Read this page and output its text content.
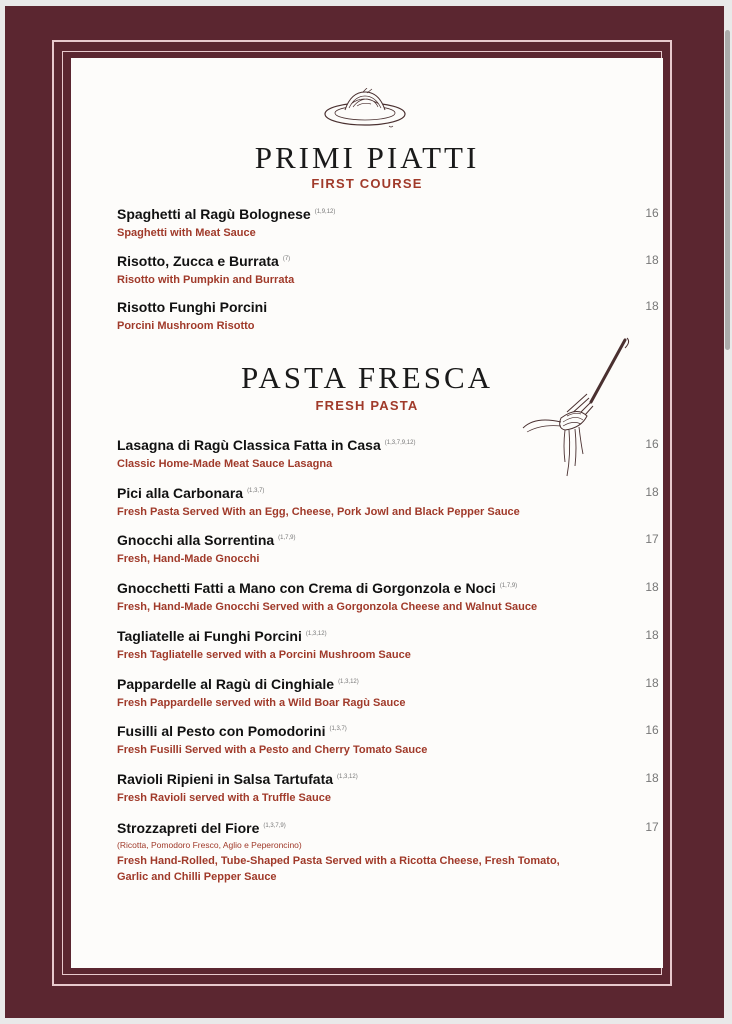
PRIMI PIATTI
FIRST COURSE
Spaghetti al Ragù Bolognese $^{(1,9,12)}$
Spaghetti with Meat Sauce
16
Risotto, Zucca e Burrata $^{(7)}$
Risotto with Pumpkin and Burrata
18
Risotto Funghi Porcini
Porcini Mushroom Risotto
18
PASTA FRESCA
FRESH PASTA
Lasagna di Ragù Classica Fatta in Casa $^{(1,3,7,9,12)}$
Classic Home-Made Meat Sauce Lasagna
16
Pici alla Carbonara $^{(1,3,7)}$
Fresh Pasta Served With an Egg, Cheese, Pork Jowl and Black Pepper Sauce
18
Gnocchi alla Sorrentina $^{(1,7,9)}$
Fresh, Hand-Made Gnocchi
17
Gnocchetti Fatti a Mano con Crema di Gorgonzola e Noci $^{(1,7,9)}$
Fresh, Hand-Made Gnocchi Served with a Gorgonzola Cheese and Walnut Sauce
18
Tagliatelle ai Funghi Porcini $^{(1,3,12)}$
Fresh Tagliatelle served with a Porcini Mushroom Sauce
18
Pappardelle al Ragù di Cinghiale $^{(1,3,12)}$
Fresh Pappardelle served with a Wild Boar Ragù Sauce
18
Fusilli al Pesto con Pomodorini $^{(1,3,7)}$
Fresh Fusilli Served with a Pesto and Cherry Tomato Sauce
16
Ravioli Ripieni in Salsa Tartufata $^{(1,3,12)}$
Fresh Ravioli served with a Truffle Sauce
18
Strozzapreti del Fiore $^{(1,3,7,9)}$
(Ricotta, Pomodoro Fresco, Aglio e Peperoncino)
Fresh Hand-Rolled, Tube-Shaped Pasta Served with a Ricotta Cheese, Fresh Tomato, Garlic and Chilli Pepper Sauce
17
